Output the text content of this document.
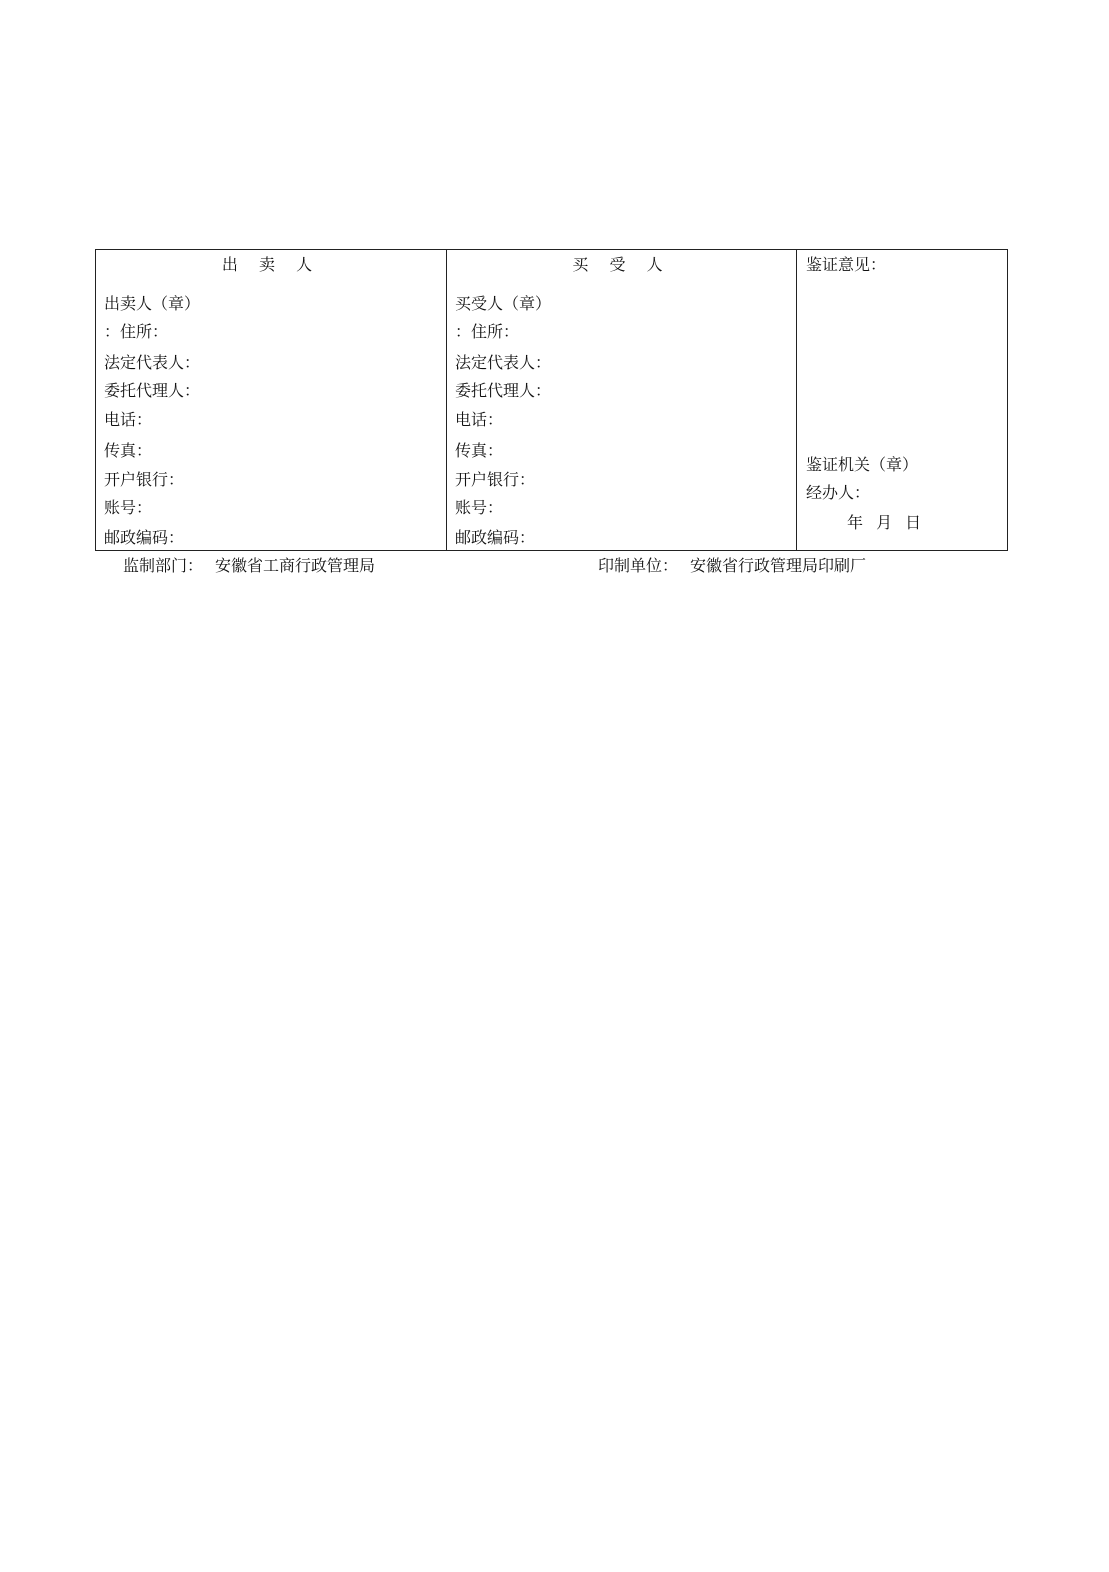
出 卖 人
出卖人（章）
：住所：
法定代表人：
委托代理人：
电话：
传真：
开户银行：
账号：
邮政编码：
买 受 人
买受人（章）
：住所：
法定代表人：
委托代理人：
电话：
传真：
开户银行：
账号：
邮政编码：
鉴证意见：
鉴证机关（章）
经办人：
年 月 日
监制部门： 安徽省工商行政管理局	印制单位： 安徽省行政管理局印刷厂
